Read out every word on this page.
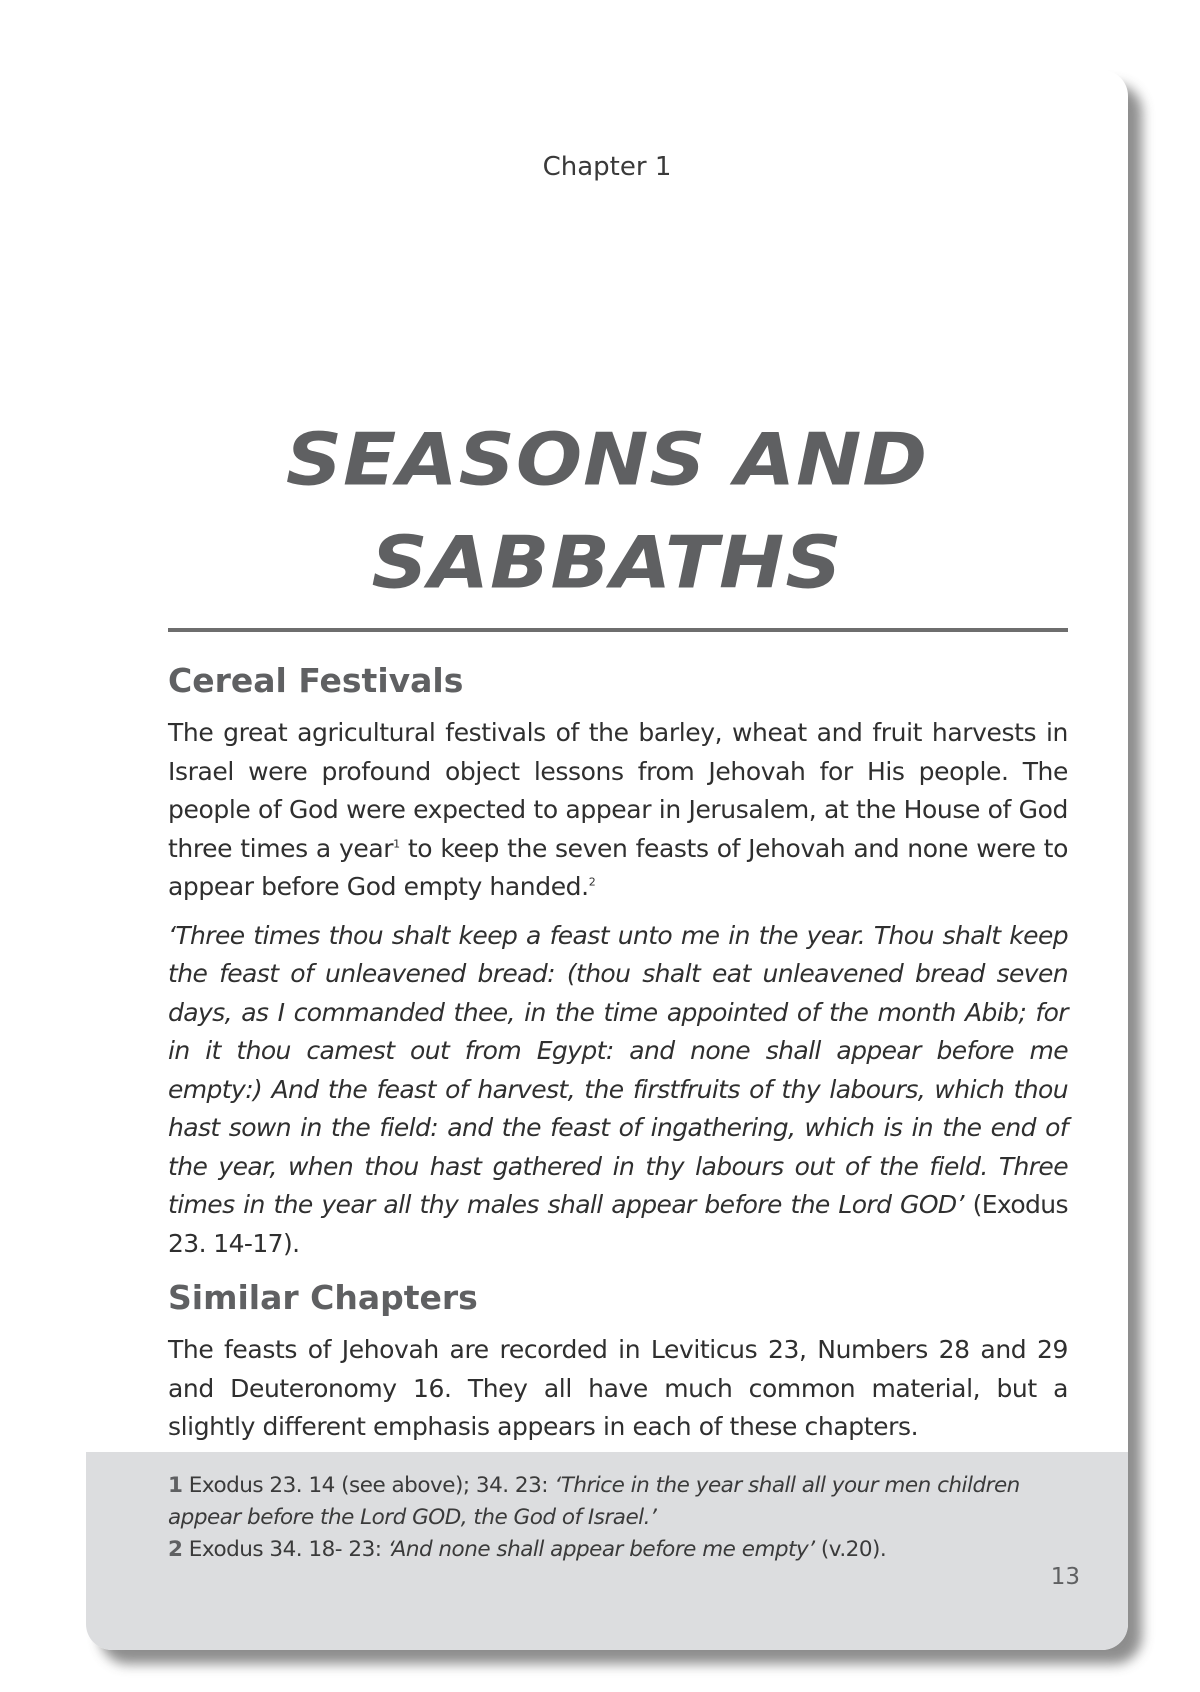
Chapter 1
SEASONS AND
SABBATHS
Cereal Festivals

The great agricultural festivals of the barley, wheat and fruit harvests in Israel were profound object lessons from Jehovah for His people. The people of God were expected to appear in Jerusalem, at the House of God three times a year$^1$ to keep the seven feasts of Jehovah and none were to appear before God empty handed.$^2$

‘Three times thou shalt keep a feast unto me in the year. Thou shalt keep the feast of unleavened bread: (thou shalt eat unleavened bread seven days, as I commanded thee, in the time appointed of the month Abib; for in it thou camest out from Egypt: and none shall appear before me empty:) And the feast of harvest, the firstfruits of thy labours, which thou hast sown in the field: and the feast of ingathering, which is in the end of the year, when thou hast gathered in thy labours out of the field. Three times in the year all thy males shall appear before the Lord GOD’ (Exodus 23. 14-17).

Similar Chapters

The feasts of Jehovah are recorded in Leviticus 23, Numbers 28 and 29 and Deuteronomy 16. They all have much common material, but a slightly different emphasis appears in each of these chapters.

1 Exodus 23. 14 (see above); 34. 23: ‘Thrice in the year shall all your men children appear before the Lord GOD, the God of Israel.’
2 Exodus 34. 18- 23: ‘And none shall appear before me empty’ (v.20).
13
